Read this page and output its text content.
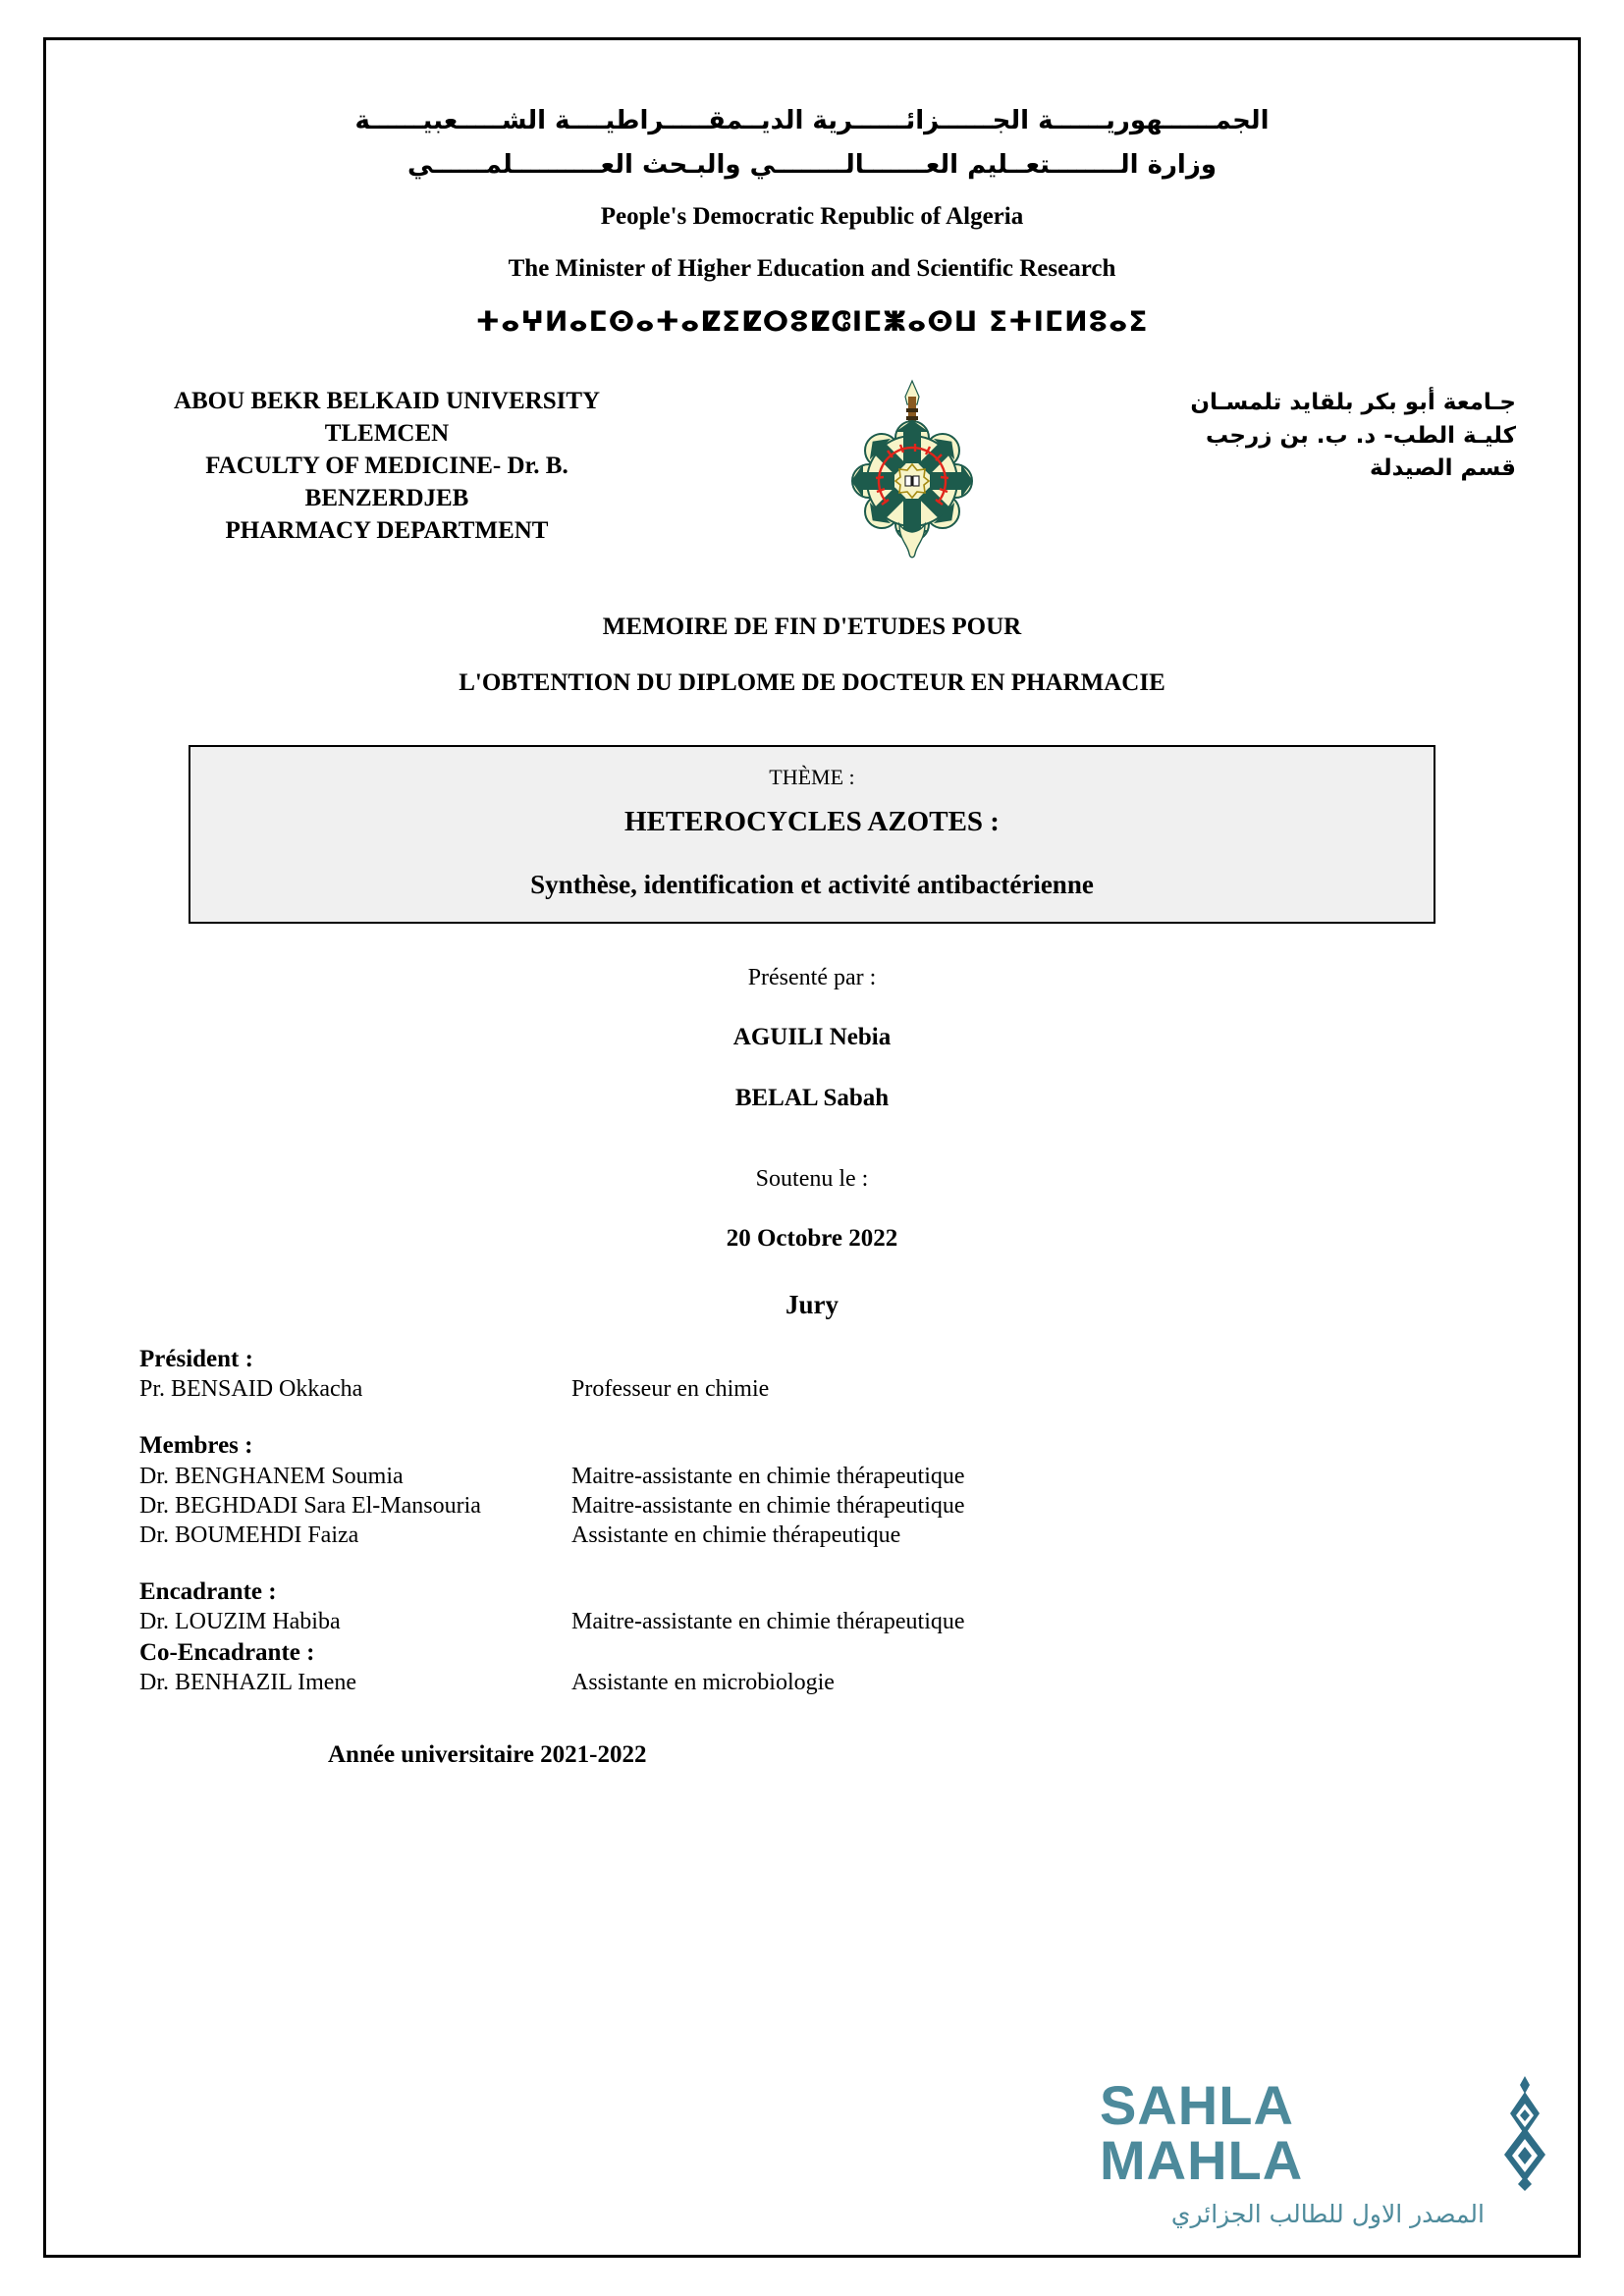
الجمــــــهوريــــــة الجــــــزائــــــرية الديــمقـــــراطيــــة الشـــــعبيــــــة
وزارة الــــــــتعــليم العـــــــالــــــــي والبـحث العــــــــــلمــــــي
People's Democratic Republic of Algeria
The Minister of Higher Education and Scientific Research
ⵜⴰⵖⵍⴰⵎⵙⴰⵜⴰⵇⵉⵇⵔⵓⵇⵛⵏⵎⵥⴰⵙⵡ ⵉⵜⵏⵎⵍⵓⴰⵉ
ABOU BEKR BELKAID UNIVERSITY
TLEMCEN
FACULTY OF MEDICINE- Dr. B.
BENZERDJEB
PHARMACY DEPARTMENT
جـامعة أبو بكر بلقايد تلمسـان
كليـة الطب- د. ب. بن زرجب
قسم الصيدلة
MEMOIRE DE FIN D'ETUDES POUR
L'OBTENTION DU DIPLOME DE DOCTEUR EN PHARMACIE
THÈME :
HETEROCYCLES AZOTES :
Synthèse, identification et activité antibactérienne
Présenté par :
AGUILI Nebia
BELAL Sabah
Soutenu le :
20 Octobre 2022
Jury
Président :
Pr. BENSAID Okkacha	Professeur en chimie
Membres :
Dr. BENGHANEM Soumia	Maitre-assistante en chimie thérapeutique
Dr. BEGHDADI Sara El-Mansouria	Maitre-assistante en chimie thérapeutique
Dr. BOUMEHDI Faiza	Assistante en chimie thérapeutique
Encadrante :
Dr. LOUZIM Habiba	Maitre-assistante en chimie thérapeutique
Co-Encadrante :
Dr. BENHAZIL Imene	Assistante en microbiologie
Année universitaire 2021-2022
SAHLA MAHLA
المصدر الاول للطالب الجزائري
